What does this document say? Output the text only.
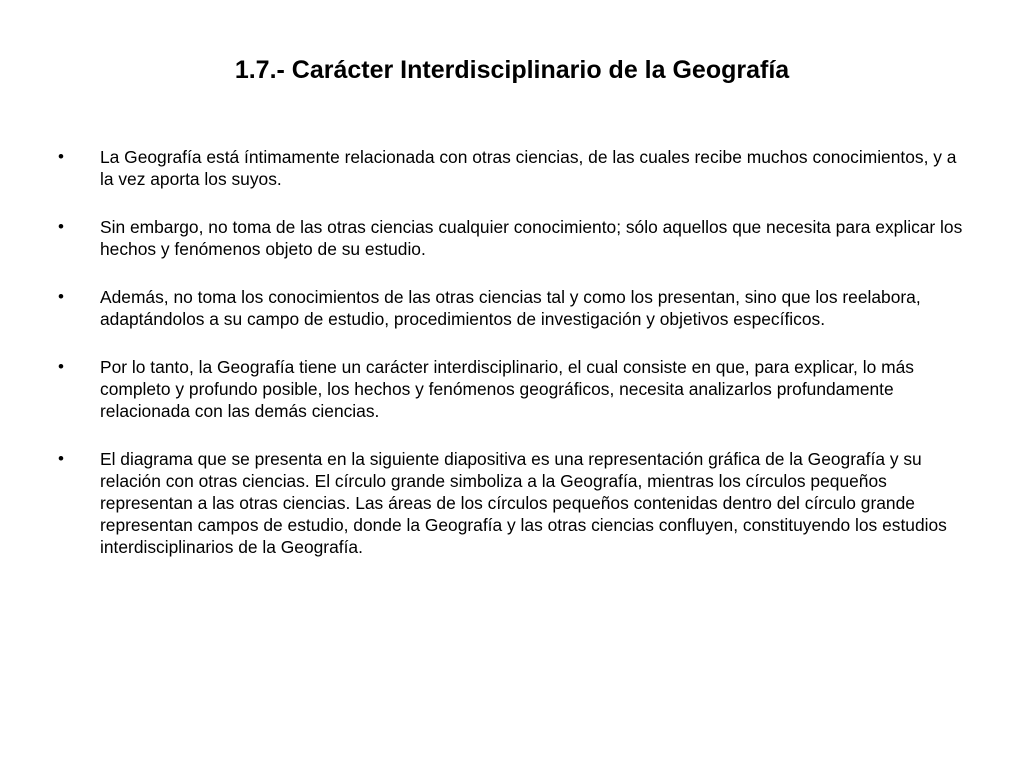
1.7.- Carácter Interdisciplinario de la Geografía
•	La Geografía está íntimamente relacionada con otras ciencias, de las cuales recibe muchos conocimientos, y a la vez aporta los suyos.
•	Sin embargo, no toma de las otras ciencias cualquier conocimiento; sólo aquellos que necesita para explicar los hechos y fenómenos objeto de su estudio.
•	Además, no toma los conocimientos de las otras ciencias tal y como los presentan, sino que los reelabora, adaptándolos a su campo de estudio, procedimientos de investigación y objetivos específicos.
•	Por lo tanto, la Geografía tiene un carácter interdisciplinario, el cual consiste en que, para explicar, lo más completo y profundo posible, los hechos y fenómenos geográficos, necesita analizarlos profundamente relacionada con las demás ciencias.
•	El diagrama que se presenta en la siguiente diapositiva es una representación gráfica de la Geografía y su relación con otras ciencias. El círculo grande simboliza a la Geografía, mientras los círculos pequeños representan a las otras ciencias. Las áreas de los círculos pequeños contenidas dentro del círculo grande representan campos de estudio, donde la Geografía y las otras ciencias confluyen, constituyendo los estudios interdisciplinarios de la Geografía.
